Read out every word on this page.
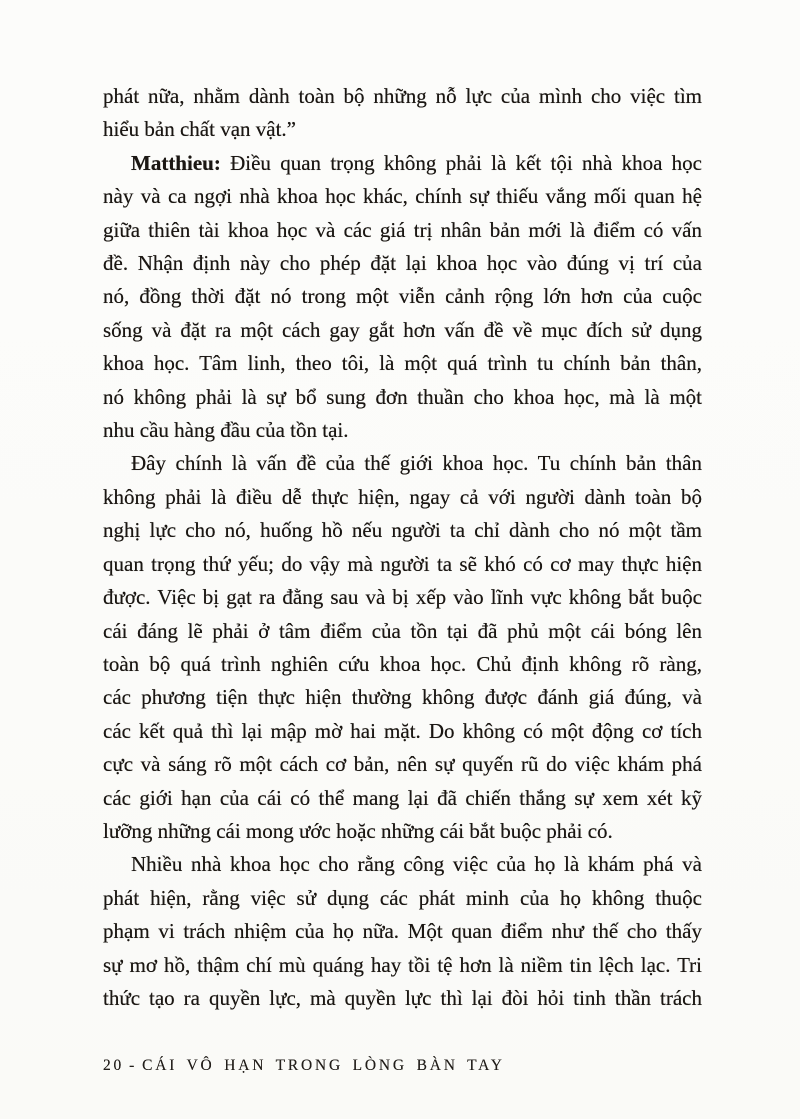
phát nữa, nhằm dành toàn bộ những nỗ lực của mình cho việc tìm
hiểu bản chất vạn vật.”
Matthieu: Điều quan trọng không phải là kết tội nhà khoa học
này và ca ngợi nhà khoa học khác, chính sự thiếu vắng mối quan hệ
giữa thiên tài khoa học và các giá trị nhân bản mới là điểm có vấn
đề. Nhận định này cho phép đặt lại khoa học vào đúng vị trí của
nó, đồng thời đặt nó trong một viễn cảnh rộng lớn hơn của cuộc
sống và đặt ra một cách gay gắt hơn vấn đề về mục đích sử dụng
khoa học. Tâm linh, theo tôi, là một quá trình tu chính bản thân,
nó không phải là sự bổ sung đơn thuần cho khoa học, mà là một
nhu cầu hàng đầu của tồn tại.
Đây chính là vấn đề của thế giới khoa học. Tu chính bản thân
không phải là điều dễ thực hiện, ngay cả với người dành toàn bộ
nghị lực cho nó, huống hồ nếu người ta chỉ dành cho nó một tầm
quan trọng thứ yếu; do vậy mà người ta sẽ khó có cơ may thực hiện
được. Việc bị gạt ra đằng sau và bị xếp vào lĩnh vực không bắt buộc
cái đáng lẽ phải ở tâm điểm của tồn tại đã phủ một cái bóng lên
toàn bộ quá trình nghiên cứu khoa học. Chủ định không rõ ràng,
các phương tiện thực hiện thường không được đánh giá đúng, và
các kết quả thì lại mập mờ hai mặt. Do không có một động cơ tích
cực và sáng rõ một cách cơ bản, nên sự quyến rũ do việc khám phá
các giới hạn của cái có thể mang lại đã chiến thắng sự xem xét kỹ
lưỡng những cái mong ước hoặc những cái bắt buộc phải có.
Nhiều nhà khoa học cho rằng công việc của họ là khám phá và
phát hiện, rằng việc sử dụng các phát minh của họ không thuộc
phạm vi trách nhiệm của họ nữa. Một quan điểm như thế cho thấy
sự mơ hồ, thậm chí mù quáng hay tồi tệ hơn là niềm tin lệch lạc. Tri
thức tạo ra quyền lực, mà quyền lực thì lại đòi hỏi tinh thần trách
20 - CÁI VÔ HẠN TRONG LÒNG BÀN TAY
